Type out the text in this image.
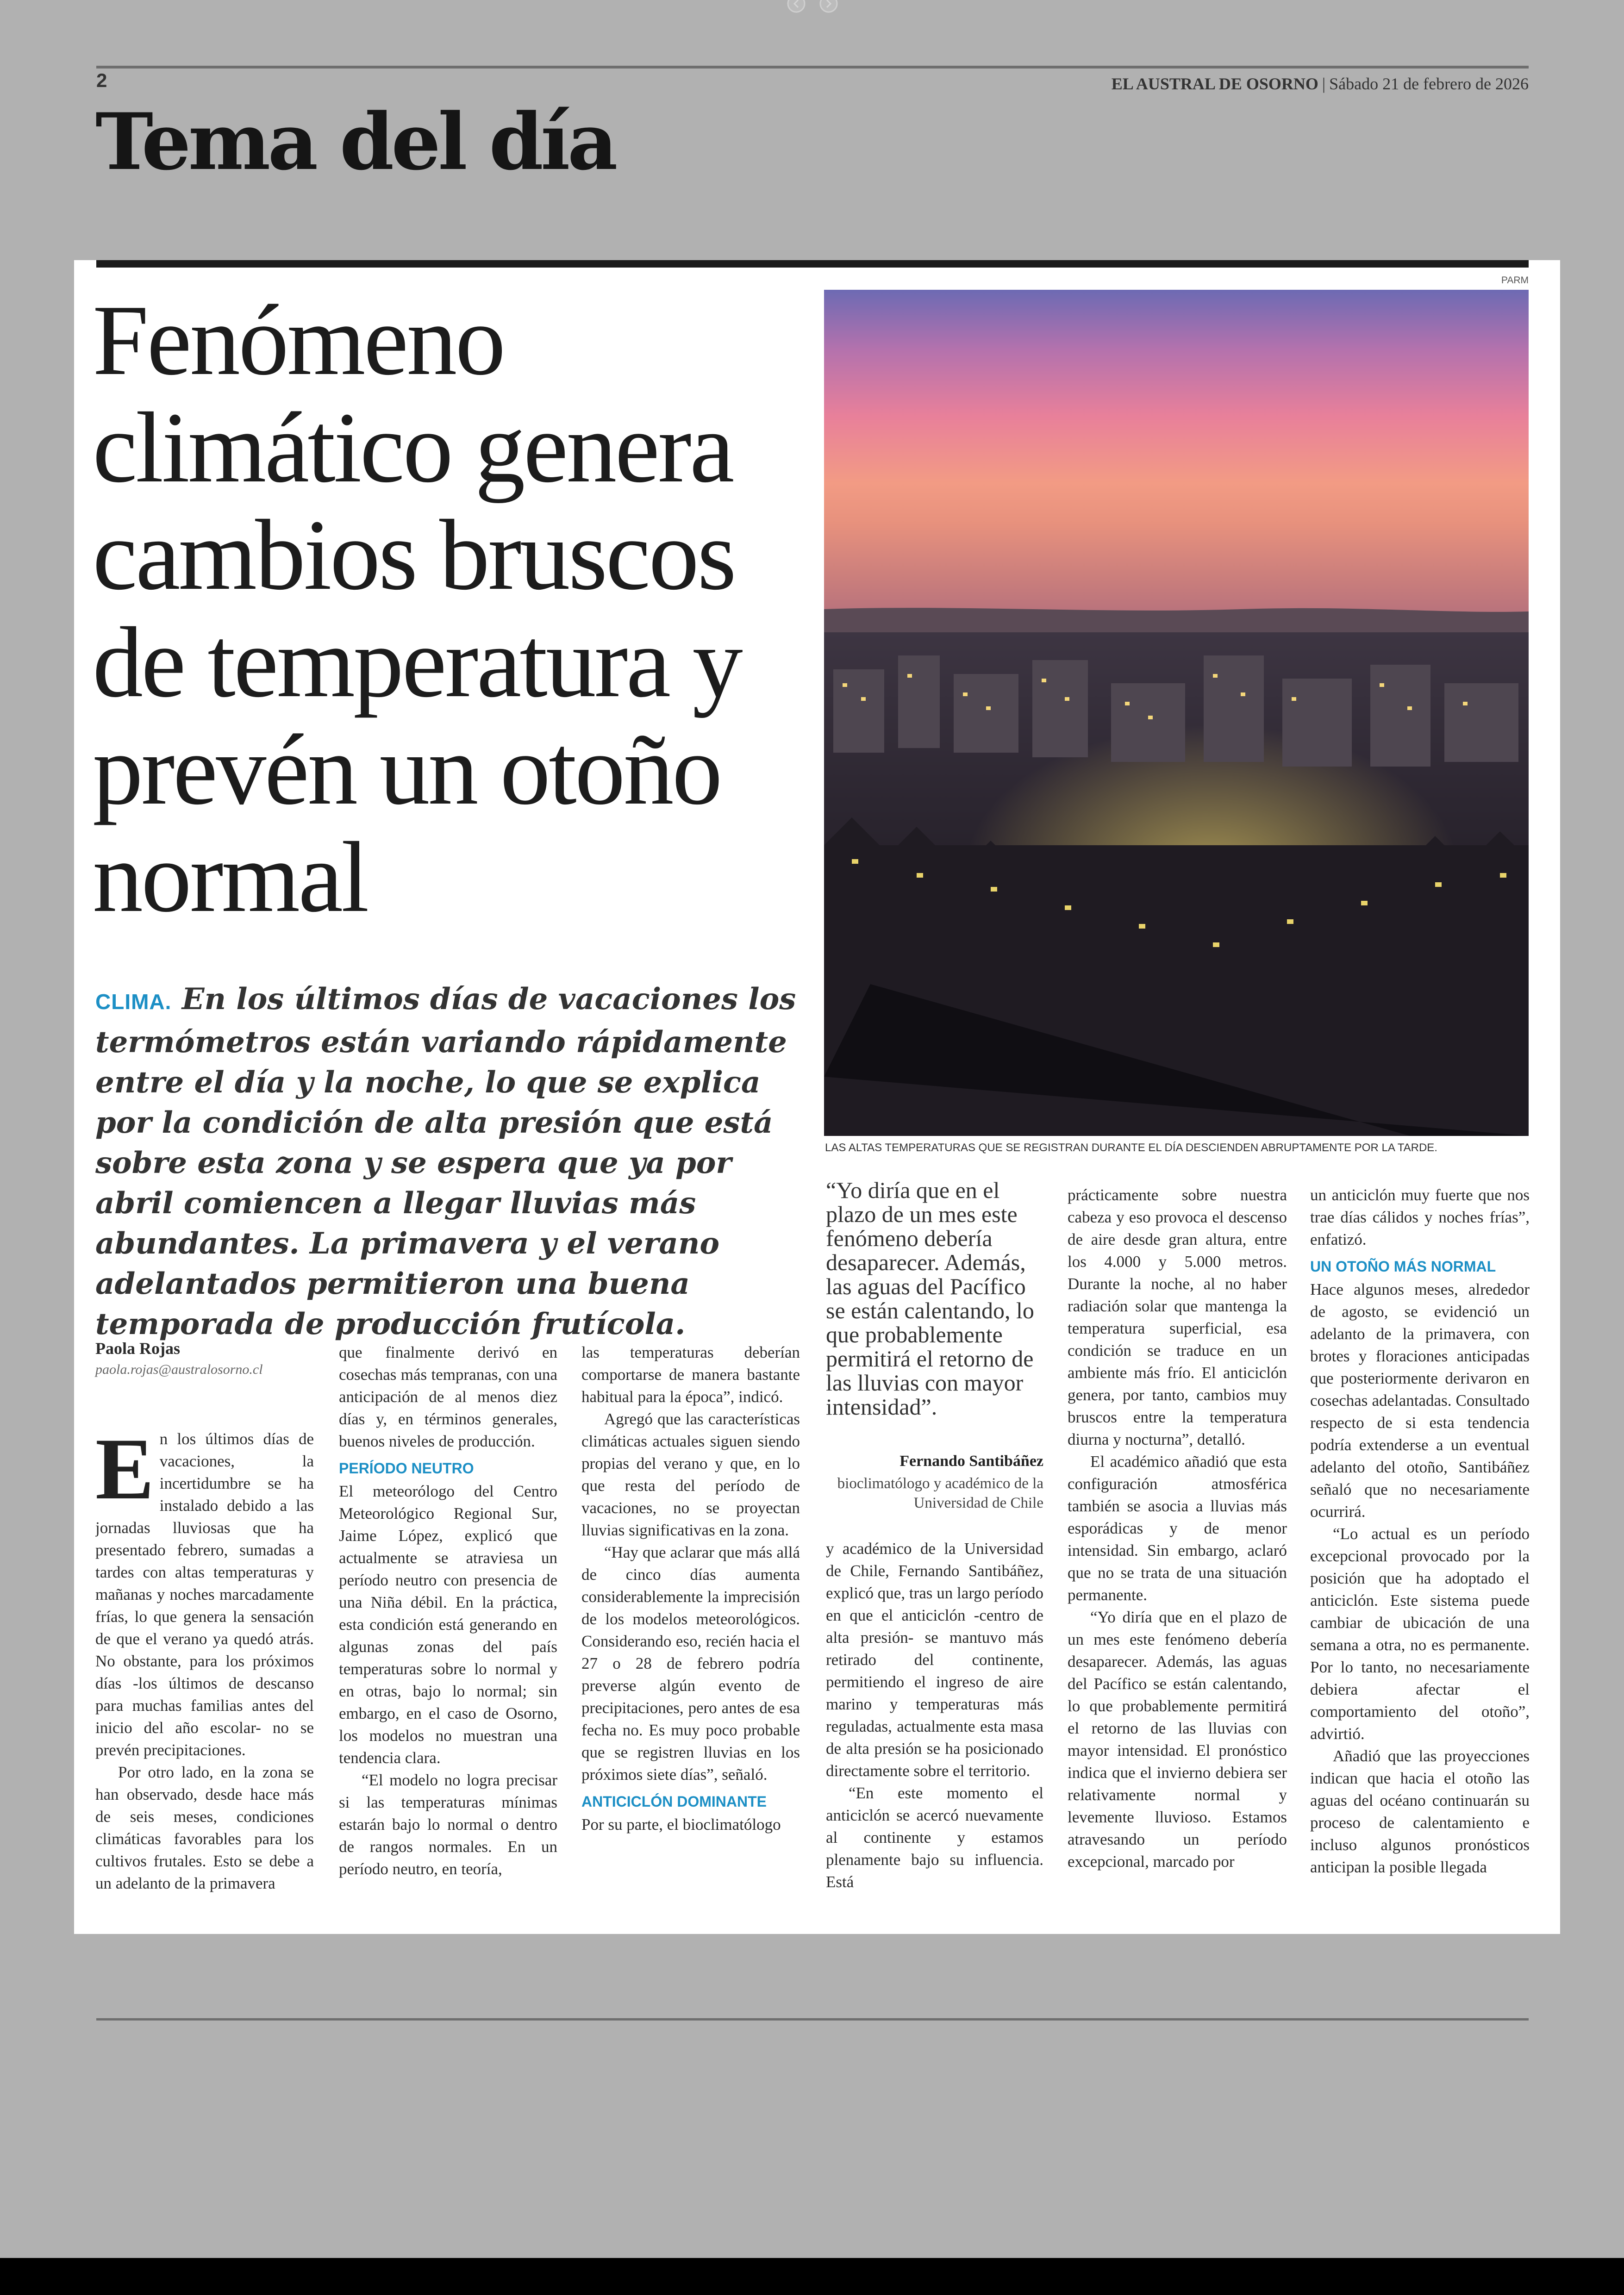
2	EL AUSTRAL DE OSORNO | Sábado 21 de febrero de 2026
Tema del día
Fenómeno climático genera cambios bruscos de temperatura y prevén un otoño normal
CLIMA. En los últimos días de vacaciones los termómetros están variando rápidamente entre el día y la noche, lo que se explica por la condición de alta presión que está sobre esta zona y se espera que ya por abril comiencen a llegar lluvias más abundantes. La primavera y el verano adelantados permitieron una buena temporada de producción frutícola.
PARM
LAS ALTAS TEMPERATURAS QUE SE REGISTRAN DURANTE EL DÍA DESCIENDEN ABRUPTAMENTE POR LA TARDE.
Paola Rojas
paola.rojas@australosorno.cl
E n los últimos días de vacaciones, la incertidumbre se ha instalado debido a las jornadas lluviosas que ha presentado febrero, sumadas a tardes con altas temperaturas y mañanas y noches marcadamente frías, lo que genera la sensación de que el verano ya quedó atrás. No obstante, para los próximos días -los últimos de descanso para muchas familias antes del inicio del año escolar- no se prevén precipitaciones.

Por otro lado, en la zona se han observado, desde hace más de seis meses, condiciones climáticas favorables para los cultivos frutales. Esto se debe a un adelanto de la primavera

que finalmente derivó en cosechas más tempranas, con una anticipación de al menos diez días y, en términos generales, buenos niveles de producción.

PERÍODO NEUTRO

El meteorólogo del Centro Meteorológico Regional Sur, Jaime López, explicó que actualmente se atraviesa un período neutro con presencia de una Niña débil. En la práctica, esta condición está generando en algunas zonas del país temperaturas sobre lo normal y en otras, bajo lo normal; sin embargo, en el caso de Osorno, los modelos no muestran una tendencia clara.

“El modelo no logra precisar si las temperaturas mínimas estarán bajo lo normal o dentro de rangos normales. En un período neutro, en teoría,

las temperaturas deberían comportarse de manera bastante habitual para la época”, indicó.

Agregó que las características climáticas actuales siguen siendo propias del verano y que, en lo que resta del período de vacaciones, no se proyectan lluvias significativas en la zona.

“Hay que aclarar que más allá de cinco días aumenta considerablemente la imprecisión de los modelos meteorológicos. Considerando eso, recién hacia el 27 o 28 de febrero podría preverse algún evento de precipitaciones, pero antes de esa fecha no. Es muy poco probable que se registren lluvias en los próximos siete días”, señaló.

ANTICICLÓN DOMINANTE

Por su parte, el bioclimatólogo

“Yo diría que en el plazo de un mes este fenómeno debería desaparecer. Además, las aguas del Pacífico se están calentando, lo que probablemente permitirá el retorno de las lluvias con mayor intensidad”.
Fernando Santibáñez
bioclimatólogo y académico de la Universidad de Chile

y académico de la Universidad de Chile, Fernando Santibáñez, explicó que, tras un largo período en que el anticiclón -centro de alta presión- se mantuvo más retirado del continente, permitiendo el ingreso de aire marino y temperaturas más reguladas, actualmente esta masa de alta presión se ha posicionado directamente sobre el territorio.

“En este momento el anticiclón se acercó nuevamente al continente y estamos plenamente bajo su influencia. Está

prácticamente sobre nuestra cabeza y eso provoca el descenso de aire desde gran altura, entre los 4.000 y 5.000 metros. Durante la noche, al no haber radiación solar que mantenga la temperatura superficial, esa condición se traduce en un ambiente más frío. El anticiclón genera, por tanto, cambios muy bruscos entre la temperatura diurna y nocturna”, detalló.

El académico añadió que esta configuración atmosférica también se asocia a lluvias más esporádicas y de menor intensidad. Sin embargo, aclaró que no se trata de una situación permanente.

“Yo diría que en el plazo de un mes este fenómeno debería desaparecer. Además, las aguas del Pacífico se están calentando, lo que probablemente permitirá el retorno de las lluvias con mayor intensidad. El pronóstico indica que el invierno debiera ser relativamente normal y levemente lluvioso. Estamos atravesando un período excepcional, marcado por

un anticiclón muy fuerte que nos trae días cálidos y noches frías”, enfatizó.

UN OTOÑO MÁS NORMAL

Hace algunos meses, alrededor de agosto, se evidenció un adelanto de la primavera, con brotes y floraciones anticipadas que posteriormente derivaron en cosechas adelantadas. Consultado respecto de si esta tendencia podría extenderse a un eventual adelanto del otoño, Santibáñez señaló que no necesariamente ocurrirá.

“Lo actual es un período excepcional provocado por la posición que ha adoptado el anticiclón. Este sistema puede cambiar de ubicación de una semana a otra, no es permanente. Por lo tanto, no necesariamente debiera afectar el comportamiento del otoño”, advirtió.

Añadió que las proyecciones indican que hacia el otoño las aguas del océano continuarán su proceso de calentamiento e incluso algunos pronósticos anticipan la posible llegada
